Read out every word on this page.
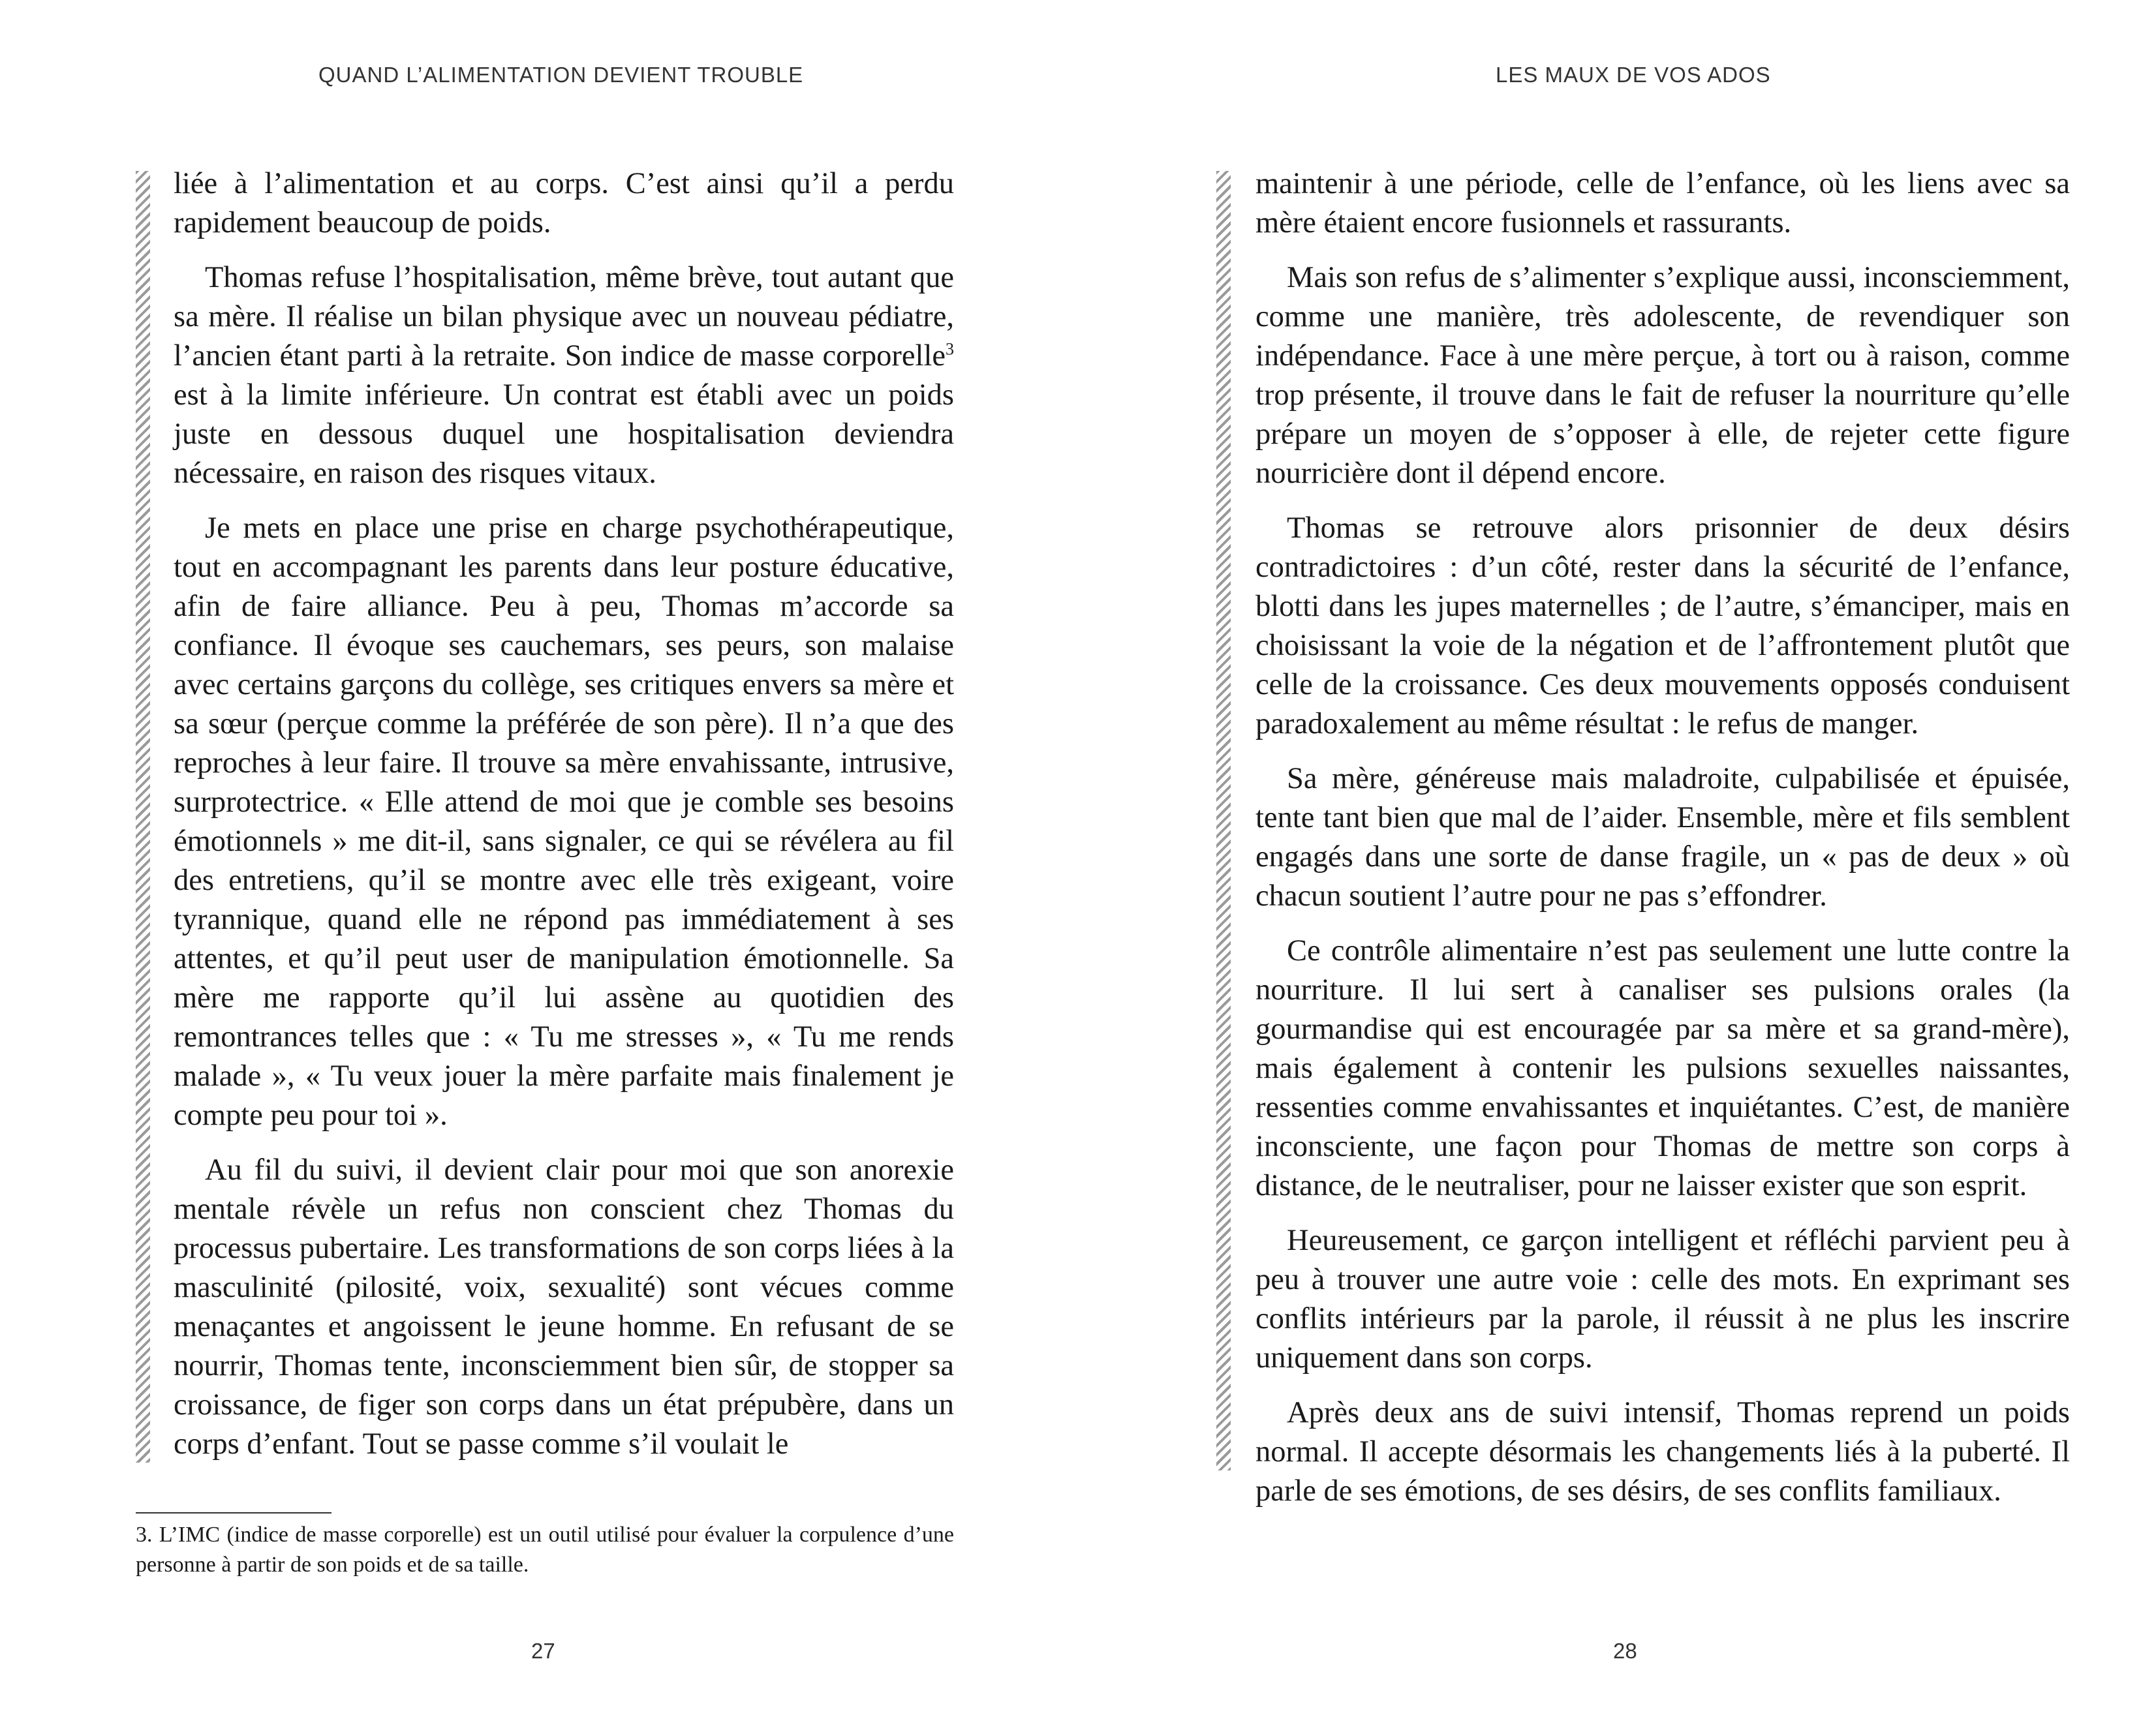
QUAND L’ALIMENTATION DEVIENT TROUBLE

liée à l’alimentation et au corps. C’est ainsi qu’il a perdu rapidement beaucoup de poids.

Thomas refuse l’hospitalisation, même brève, tout autant que sa mère. Il réalise un bilan physique avec un nouveau pédiatre, l’ancien étant parti à la retraite. Son indice de masse corporelle$^3$ est à la limite inférieure. Un contrat est établi avec un poids juste en dessous duquel une hospitalisation deviendra nécessaire, en raison des risques vitaux.

Je mets en place une prise en charge psychothérapeutique, tout en accompagnant les parents dans leur posture éducative, afin de faire alliance. Peu à peu, Thomas m’accorde sa confiance. Il évoque ses cauchemars, ses peurs, son malaise avec certains garçons du collège, ses critiques envers sa mère et sa sœur (perçue comme la préférée de son père). Il n’a que des reproches à leur faire. Il trouve sa mère envahissante, intrusive, surprotectrice. « Elle attend de moi que je comble ses besoins émotionnels » me dit-il, sans signaler, ce qui se révélera au fil des entretiens, qu’il se montre avec elle très exigeant, voire tyrannique, quand elle ne répond pas immédiatement à ses attentes, et qu’il peut user de manipulation émotionnelle. Sa mère me rapporte qu’il lui assène au quotidien des remontrances telles que : « Tu me stresses », « Tu me rends malade », « Tu veux jouer la mère parfaite mais finalement je compte peu pour toi ».

Au fil du suivi, il devient clair pour moi que son anorexie mentale révèle un refus non conscient chez Thomas du processus pubertaire. Les transformations de son corps liées à la masculinité (pilosité, voix, sexualité) sont vécues comme menaçantes et angoissent le jeune homme. En refusant de se nourrir, Thomas tente, inconsciemment bien sûr, de stopper sa croissance, de figer son corps dans un état prépubère, dans un corps d’enfant. Tout se passe comme s’il voulait le

3. L’IMC (indice de masse corporelle) est un outil utilisé pour évaluer la corpulence d’une personne à partir de son poids et de sa taille.
27
LES MAUX DE VOS ADOS

maintenir à une période, celle de l’enfance, où les liens avec sa mère étaient encore fusionnels et rassurants.

Mais son refus de s’alimenter s’explique aussi, inconsciemment, comme une manière, très adolescente, de revendiquer son indépendance. Face à une mère perçue, à tort ou à raison, comme trop présente, il trouve dans le fait de refuser la nourriture qu’elle prépare un moyen de s’opposer à elle, de rejeter cette figure nourricière dont il dépend encore.

Thomas se retrouve alors prisonnier de deux désirs contradictoires : d’un côté, rester dans la sécurité de l’enfance, blotti dans les jupes maternelles ; de l’autre, s’émanciper, mais en choisissant la voie de la négation et de l’affrontement plutôt que celle de la croissance. Ces deux mouvements opposés conduisent paradoxalement au même résultat : le refus de manger.

Sa mère, généreuse mais maladroite, culpabilisée et épuisée, tente tant bien que mal de l’aider. Ensemble, mère et fils semblent engagés dans une sorte de danse fragile, un « pas de deux » où chacun soutient l’autre pour ne pas s’effondrer.

Ce contrôle alimentaire n’est pas seulement une lutte contre la nourriture. Il lui sert à canaliser ses pulsions orales (la gourmandise qui est encouragée par sa mère et sa grand-mère), mais également à contenir les pulsions sexuelles naissantes, ressenties comme envahissantes et inquiétantes. C’est, de manière inconsciente, une façon pour Thomas de mettre son corps à distance, de le neutraliser, pour ne laisser exister que son esprit.

Heureusement, ce garçon intelligent et réfléchi parvient peu à peu à trouver une autre voie : celle des mots. En exprimant ses conflits intérieurs par la parole, il réussit à ne plus les inscrire uniquement dans son corps.

Après deux ans de suivi intensif, Thomas reprend un poids normal. Il accepte désormais les changements liés à la puberté. Il parle de ses émotions, de ses désirs, de ses conflits familiaux.

28
